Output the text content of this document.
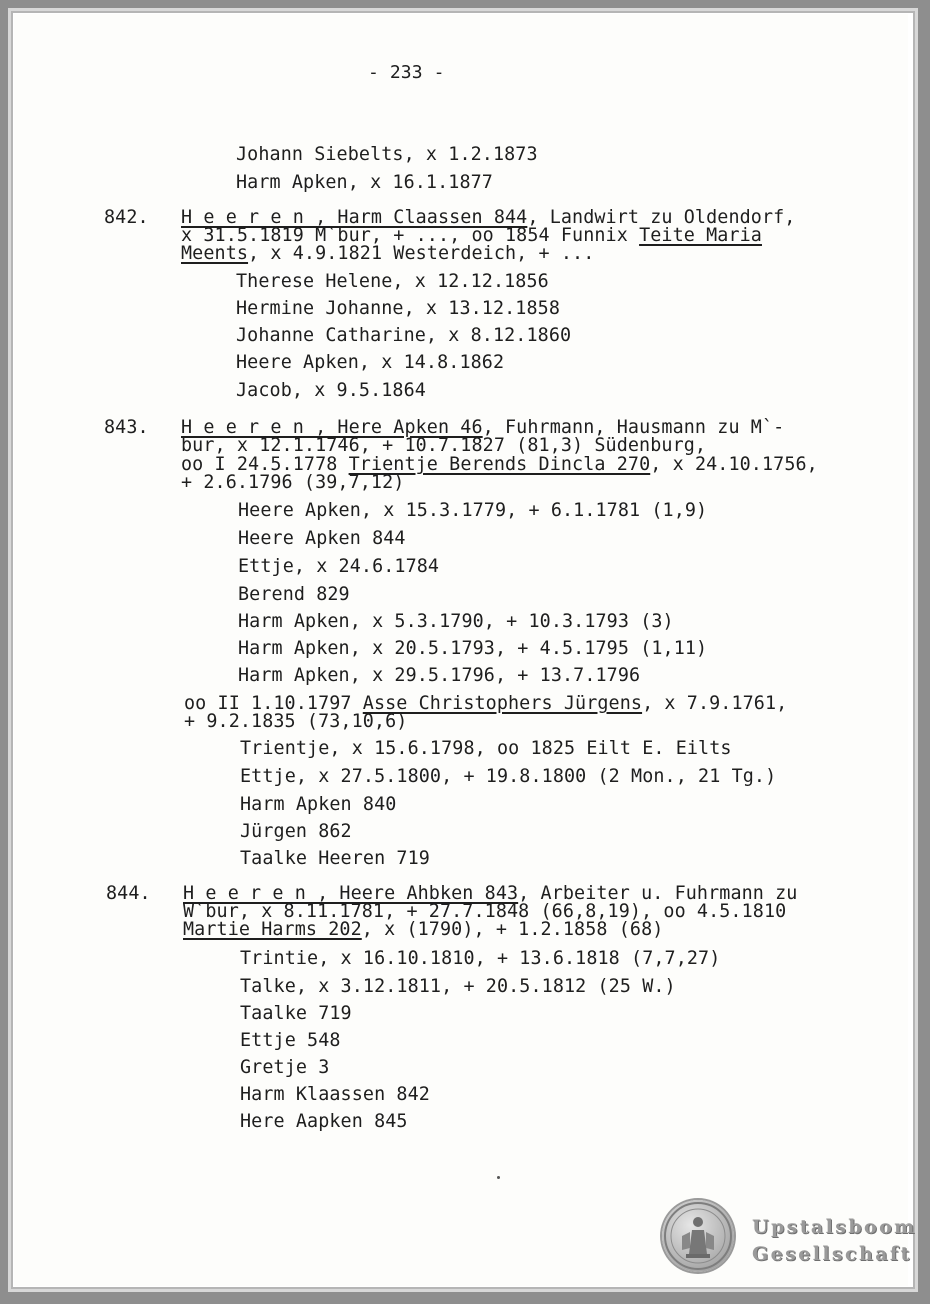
- 233 -
Johann Siebelts, x 1.2.1873
Harm Apken, x 16.1.1877
842. H e e r e n , Harm Claassen 844, Landwirt zu Oldendorf,
x 31.5.1819 M`bur, + ..., oo 1854 Funnix Teite Maria
Meents, x 4.9.1821 Westerdeich, + ...
Therese Helene, x 12.12.1856
Hermine Johanne, x 13.12.1858
Johanne Catharine, x 8.12.1860
Heere Apken, x 14.8.1862
Jacob, x 9.5.1864
843. H e e r e n , Here Apken 46, Fuhrmann, Hausmann zu M`-
bur, x 12.1.1746, + 10.7.1827 (81,3) Südenburg,
oo I 24.5.1778 Trientje Berends Dincla 270, x 24.10.1756,
+ 2.6.1796 (39,7,12)
Heere Apken, x 15.3.1779, + 6.1.1781 (1,9)
Heere Apken 844
Ettje, x 24.6.1784
Berend 829
Harm Apken, x 5.3.1790, + 10.3.1793 (3)
Harm Apken, x 20.5.1793, + 4.5.1795 (1,11)
Harm Apken, x 29.5.1796, + 13.7.1796
oo II 1.10.1797 Asse Christophers Jürgens, x 7.9.1761,
+ 9.2.1835 (73,10,6)
Trientje, x 15.6.1798, oo 1825 Eilt E. Eilts
Ettje, x 27.5.1800, + 19.8.1800 (2 Mon., 21 Tg.)
Harm Apken 840
Jürgen 862
Taalke Heeren 719
844. H e e r e n , Heere Ahbken 843, Arbeiter u. Fuhrmann zu
W`bur, x 8.11.1781, + 27.7.1848 (66,8,19), oo 4.5.1810
Martie Harms 202, x (1790), + 1.2.1858 (68)
Trintie, x 16.10.1810, + 13.6.1818 (7,7,27)
Talke, x 3.12.1811, + 20.5.1812 (25 W.)
Taalke 719
Ettje 548
Gretje 3
Harm Klaassen 842
Here Aapken 845
Upstalsboom
Gesellschaft
